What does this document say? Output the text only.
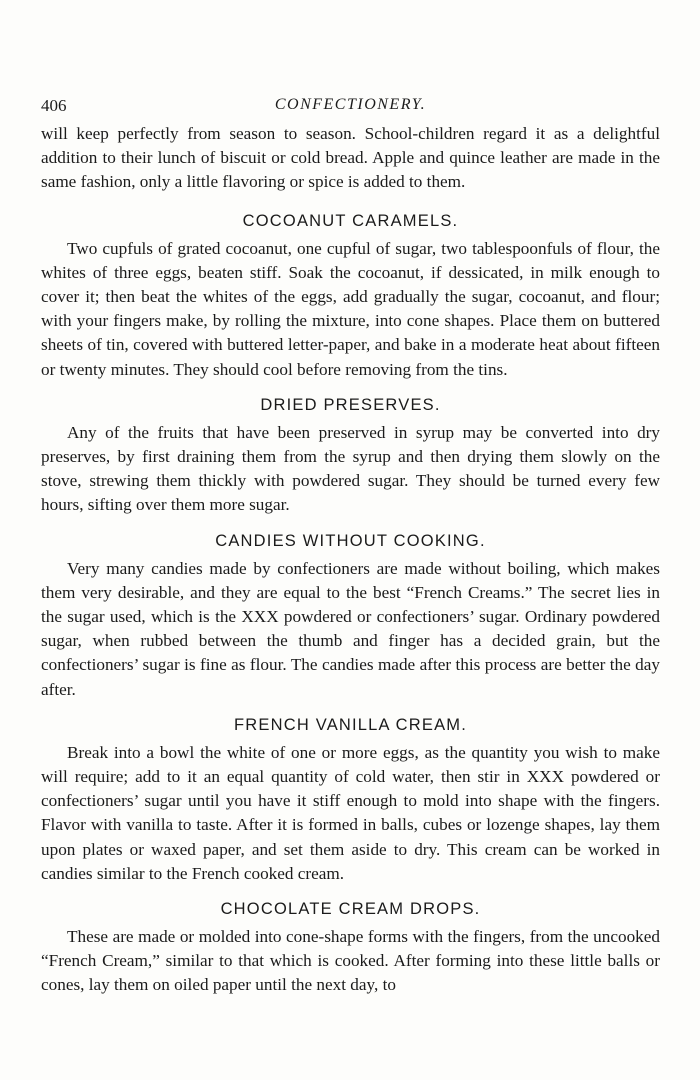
406	CONFECTIONERY.

will keep perfectly from season to season. School-children regard it as a delightful addition to their lunch of biscuit or cold bread. Apple and quince leather are made in the same fashion, only a little flavoring or spice is added to them.

COCOANUT CARAMELS.

Two cupfuls of grated cocoanut, one cupful of sugar, two tablespoonfuls of flour, the whites of three eggs, beaten stiff. Soak the cocoanut, if dessicated, in milk enough to cover it; then beat the whites of the eggs, add gradually the sugar, cocoanut, and flour; with your fingers make, by rolling the mixture, into cone shapes. Place them on buttered sheets of tin, covered with buttered letter-paper, and bake in a moderate heat about fifteen or twenty minutes. They should cool before removing from the tins.

DRIED PRESERVES.

Any of the fruits that have been preserved in syrup may be converted into dry preserves, by first draining them from the syrup and then drying them slowly on the stove, strewing them thickly with powdered sugar. They should be turned every few hours, sifting over them more sugar.

CANDIES WITHOUT COOKING.

Very many candies made by confectioners are made without boiling, which makes them very desirable, and they are equal to the best “French Creams.” The secret lies in the sugar used, which is the XXX powdered or confectioners’ sugar. Ordinary powdered sugar, when rubbed between the thumb and finger has a decided grain, but the confectioners’ sugar is fine as flour. The candies made after this process are better the day after.

FRENCH VANILLA CREAM.

Break into a bowl the white of one or more eggs, as the quantity you wish to make will require; add to it an equal quantity of cold water, then stir in XXX powdered or confectioners’ sugar until you have it stiff enough to mold into shape with the fingers. Flavor with vanilla to taste. After it is formed in balls, cubes or lozenge shapes, lay them upon plates or waxed paper, and set them aside to dry. This cream can be worked in candies similar to the French cooked cream.

CHOCOLATE CREAM DROPS.

These are made or molded into cone-shape forms with the fingers, from the uncooked “French Cream,” similar to that which is cooked. After forming into these little balls or cones, lay them on oiled paper until the next day, to
